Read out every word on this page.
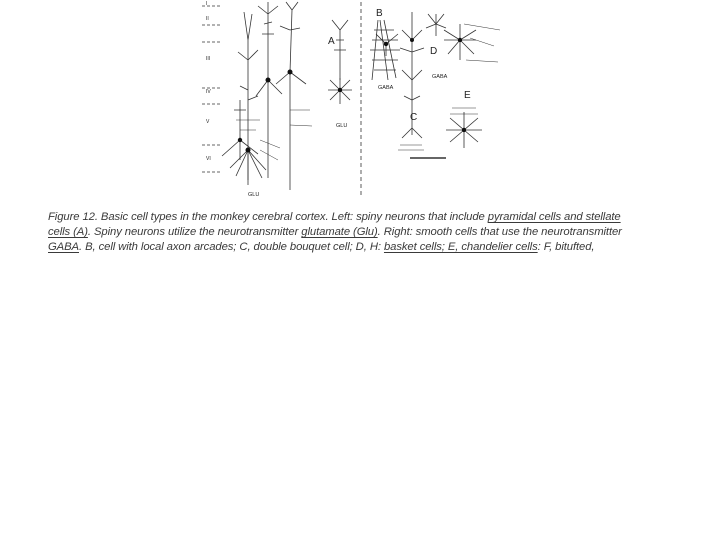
I
II
III
IV
V
VI
A
B
C
D
E
GLU
GLU
GABA
GABA
Figure 12. Basic cell types in the monkey cerebral cortex. Left: spiny neurons that include pyramidal cells and stellate
cells (A). Spiny neurons utilize the neurotransmitter glutamate (Glu). Right: smooth cells that use the neurotransmitter
GABA. B, cell with local axon arcades; C, double bouquet cell; D, H: basket cells; E, chandelier cells: F, bitufted,
